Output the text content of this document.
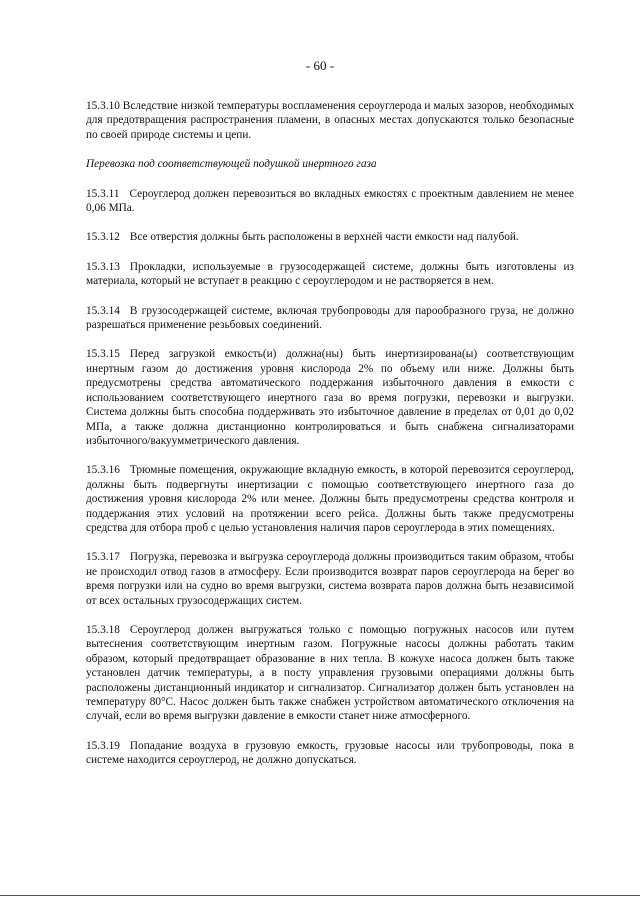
- 60 -

15.3.10 Вследствие низкой температуры воспламенения сероуглерода и малых зазоров, необходимых для предотвращения распространения пламени, в опасных местах допускаются только безопасные по своей природе системы и цепи.

Перевозка под соответствующей подушкой инертного газа

15.3.11 Сероуглерод должен перевозиться во вкладных емкостях с проектным давлением не менее 0,06 МПа.

15.3.12 Все отверстия должны быть расположены в верхней части емкости над палубой.

15.3.13 Прокладки, используемые в грузосодержащей системе, должны быть изготовлены из материала, который не вступает в реакцию с сероуглеродом и не растворяется в нем.

15.3.14 В грузосодержащей системе, включая трубопроводы для парообразного груза, не должно разрешаться применение резьбовых соединений.

15.3.15 Перед загрузкой емкость(и) должна(ны) быть инертизирована(ы) соответствующим инертным газом до достижения уровня кислорода 2% по объему или ниже. Должны быть предусмотрены средства автоматического поддержания избыточного давления в емкости с использованием соответствующего инертного газа во время погрузки, перевозки и выгрузки. Система должны быть способна поддерживать это избыточное давление в пределах от 0,01 до 0,02 МПа, а также должна дистанционно контролироваться и быть снабжена сигнализаторами избыточного/вакуумметрического давления.

15.3.16 Трюмные помещения, окружающие вкладную емкость, в которой перевозится сероуглерод, должны быть подвергнуты инертизации с помощью соответствующего инертного газа до достижения уровня кислорода 2% или менее. Должны быть предусмотрены средства контроля и поддержания этих условий на протяжении всего рейса. Должны быть также предусмотрены средства для отбора проб с целью установления наличия паров сероуглерода в этих помещениях.

15.3.17 Погрузка, перевозка и выгрузка сероуглерода должны производиться таким образом, чтобы не происходил отвод газов в атмосферу. Если производится возврат паров сероуглерода на берег во время погрузки или на судно во время выгрузки, система возврата паров должна быть независимой от всех остальных грузосодержащих систем.

15.3.18 Сероуглерод должен выгружаться только с помощью погружных насосов или путем вытеснения соответствующим инертным газом. Погружные насосы должны работать таким образом, который предотвращает образование в них тепла. В кожухе насоса должен быть также установлен датчик температуры, а в посту управления грузовыми операциями должны быть расположены дистанционный индикатор и сигнализатор. Сигнализатор должен быть установлен на температуру 80°С. Насос должен быть также снабжен устройством автоматического отключения на случай, если во время выгрузки давление в емкости станет ниже атмосферного.

15.3.19 Попадание воздуха в грузовую емкость, грузовые насосы или трубопроводы, пока в системе находится сероуглерод, не должно допускаться.
